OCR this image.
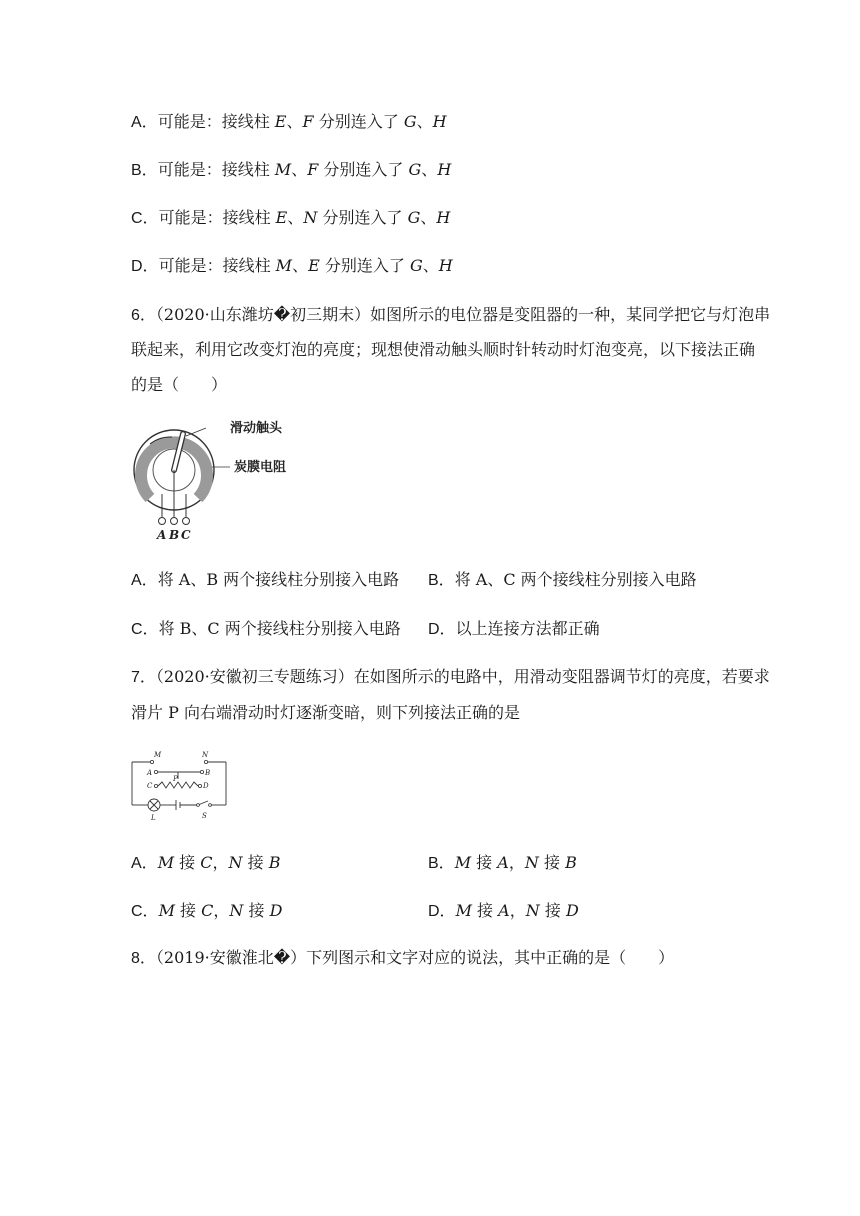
A．可能是：接线柱 E、F 分别连入了 G、H
B．可能是：接线柱 M、F 分别连入了 G、H
C．可能是：接线柱 E、N 分别连入了 G、H
D．可能是：接线柱 M、E 分别连入了 G、H
6．（2020·山东潍坊�初三期末）如图所示的电位器是变阻器的一种，某同学把它与灯泡串
联起来，利用它改变灯泡的亮度；现想使滑动触头顺时针转动时灯泡变亮，以下接法正确
的是（　　）
滑动触头
炭膜电阻
A B C
A．将 A、B 两个接线柱分别接入电路 B．将 A、C 两个接线柱分别接入电路
C．将 B、C 两个接线柱分别接入电路 D．以上连接方法都正确
7．（2020·安徽初三专题练习）在如图所示的电路中，用滑动变阻器调节灯的亮度，若要求
滑片 P 向右端滑动时灯逐渐变暗，则下列接法正确的是
M	N
A	B
C	D
P
L	S
A．M 接 C，N 接 B	B．M 接 A，N 接 B
C．M 接 C，N 接 D	D．M 接 A，N 接 D
8．（2019·安徽淮北�）下列图示和文字对应的说法，其中正确的是（　　）
